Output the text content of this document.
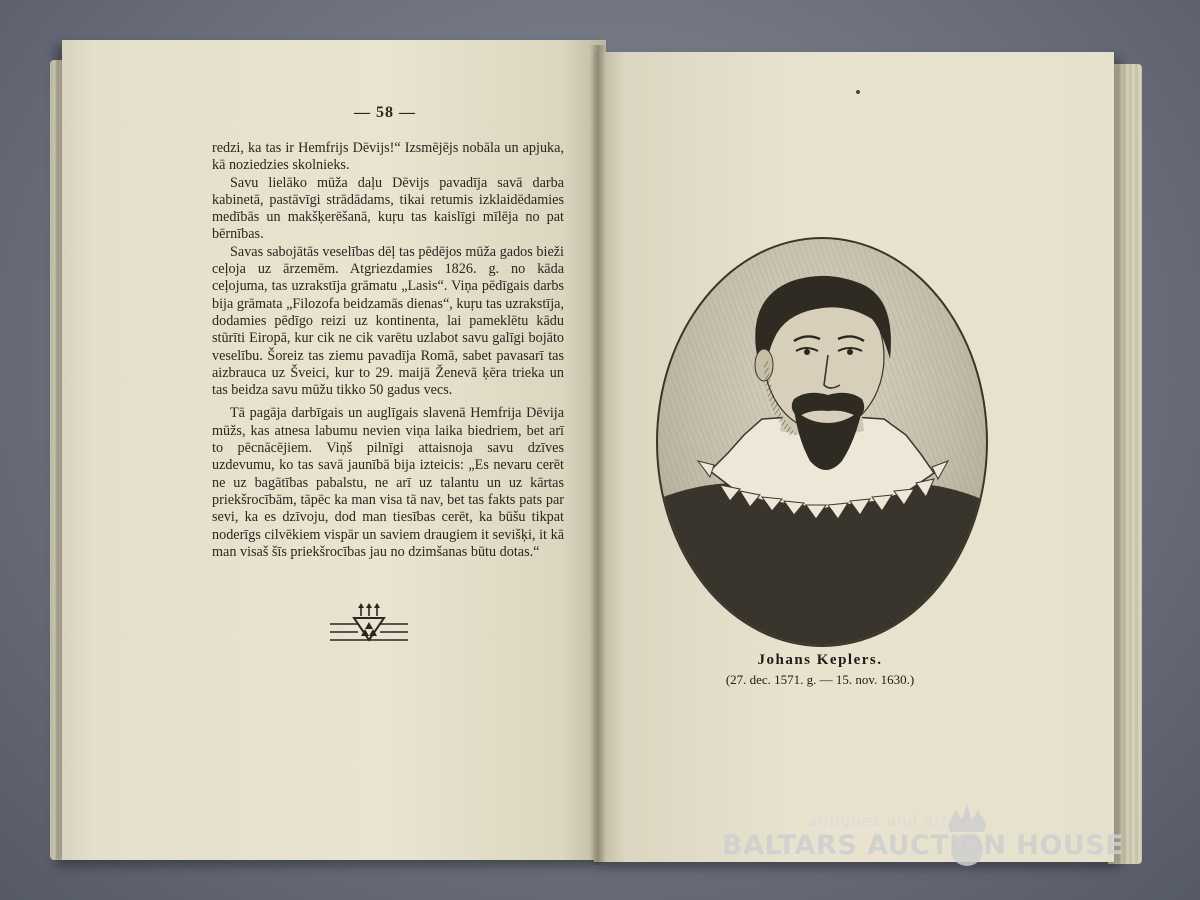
— 58 —

redzi, ka tas ir Hemfrijs Dēvijs!“ Izsmējējs nobāla un apjuka, kā noziedzies skolnieks.

Savu lielāko mūža daļu Dēvijs pavadīja savā darba kabinetā, pastāvīgi strādādams, tikai retumis izklaidēdamies medībās un makšķerēšanā, kuŗu tas kaislīgi mīlēja no pat bērnības.

Savas sabojātās veselības dēļ tas pēdējos mūža gados bieži ceļoja uz ārzemēm. Atgriezdamies 1826. g. no kāda ceļojuma, tas uzrakstīja grāmatu „Lasis“. Viņa pēdīgais darbs bija grāmata „Filozofa beidzamās dienas“, kuŗu tas uzrakstīja, dodamies pēdīgo reizi uz kontinenta, lai pameklētu kādu stūrīti Eiropā, kur cik ne cik varētu uzlabot savu galīgi bojāto veselību. Šoreiz tas ziemu pavadīja Romā, sabet pavasarī tas aizbrauca uz Šveici, kur to 29. maijā Ženevā ķēra trieka un tas beidza savu mūžu tikko 50 gadus vecs.

Tā pagāja darbīgais un auglīgais slavenā Hemfrija Dēvija mūžs, kas atnesa labumu nevien viņa laika biedriem, bet arī to pēcnācējiem. Viņš pilnīgi attaisnoja savu dzīves uzdevumu, ko tas savā jaunībā bija izteicis: „Es nevaru cerēt ne uz bagātības pabalstu, ne arī uz talantu un uz kārtas priekšrocībām, tāpēc ka man visa tā nav, bet tas fakts pats par sevi, ka es dzīvoju, dod man tiesības cerēt, ka būšu tikpat noderīgs cilvēkiem vispār un saviem draugiem it sevišķi, it kā man visaš šīs priekšrocības jau no dzimšanas būtu dotas.“

Johans Keplers.
(27. dec. 1571. g. — 15. nov. 1630.)
antiques and art
BALTARS AUCTION HOUSE
